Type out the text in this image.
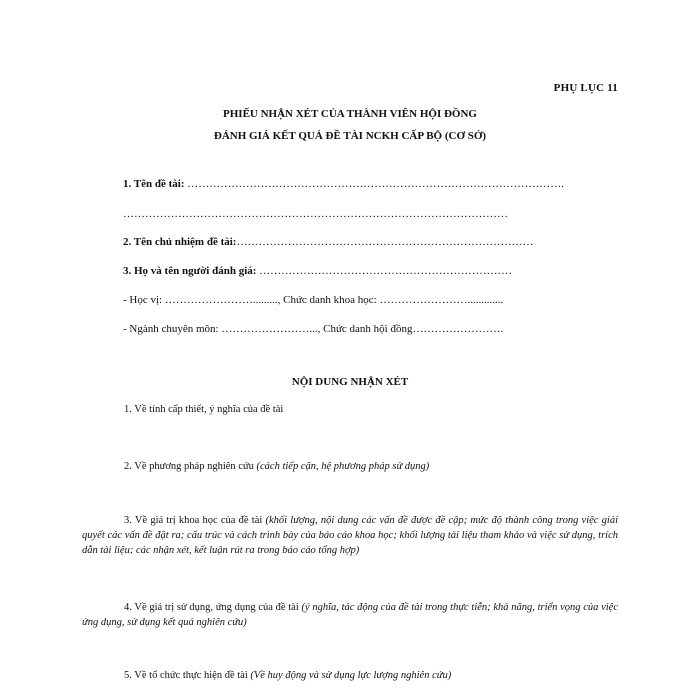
PHỤ LỤC 11
PHIẾU NHẬN XÉT CỦA THÀNH VIÊN HỘI ĐỒNG
ĐÁNH GIÁ KẾT QUẢ ĐỀ TÀI NCKH CẤP BỘ (CƠ SỞ)
1. Tên đề tài: ………………………………………………………………………………………….
……………………………………………………………………………………………
2. Tên chủ nhiệm đề tài:………………………………………………………………………
3. Họ và tên người đánh giá: ……………………………………………………………
- Học vị: ……………………........., Chức danh khoa học: …………………….............
- Ngành chuyên môn: ……………………..., Chức danh hội đồng…………………….
NỘI DUNG NHẬN XÉT
1. Về tính cấp thiết, ý nghĩa của đề tài
2. Về phương pháp nghiên cứu (cách tiếp cận, hệ phương pháp sử dụng)
3. Về giá trị khoa học của đề tài (khối lượng, nội dung các vấn đề được đề cập; mức độ thành công trong việc giải quyết các vấn đề đặt ra; cấu trúc và cách trình bày của báo cáo khoa học; khối lượng tài liệu tham khảo và việc sử dụng, trích dẫn tài liệu; các nhận xét, kết luận rút ra trong báo cáo tổng hợp)
4. Về giá trị sử dụng, ứng dụng của đề tài (ý nghĩa, tác động của đề tài trong thực tiễn; khả năng, triển vọng của việc ứng dụng, sử dụng kết quả nghiên cứu)
5. Về tổ chức thực hiện đề tài (Về huy động và sử dụng lực lượng nghiên cứu)
